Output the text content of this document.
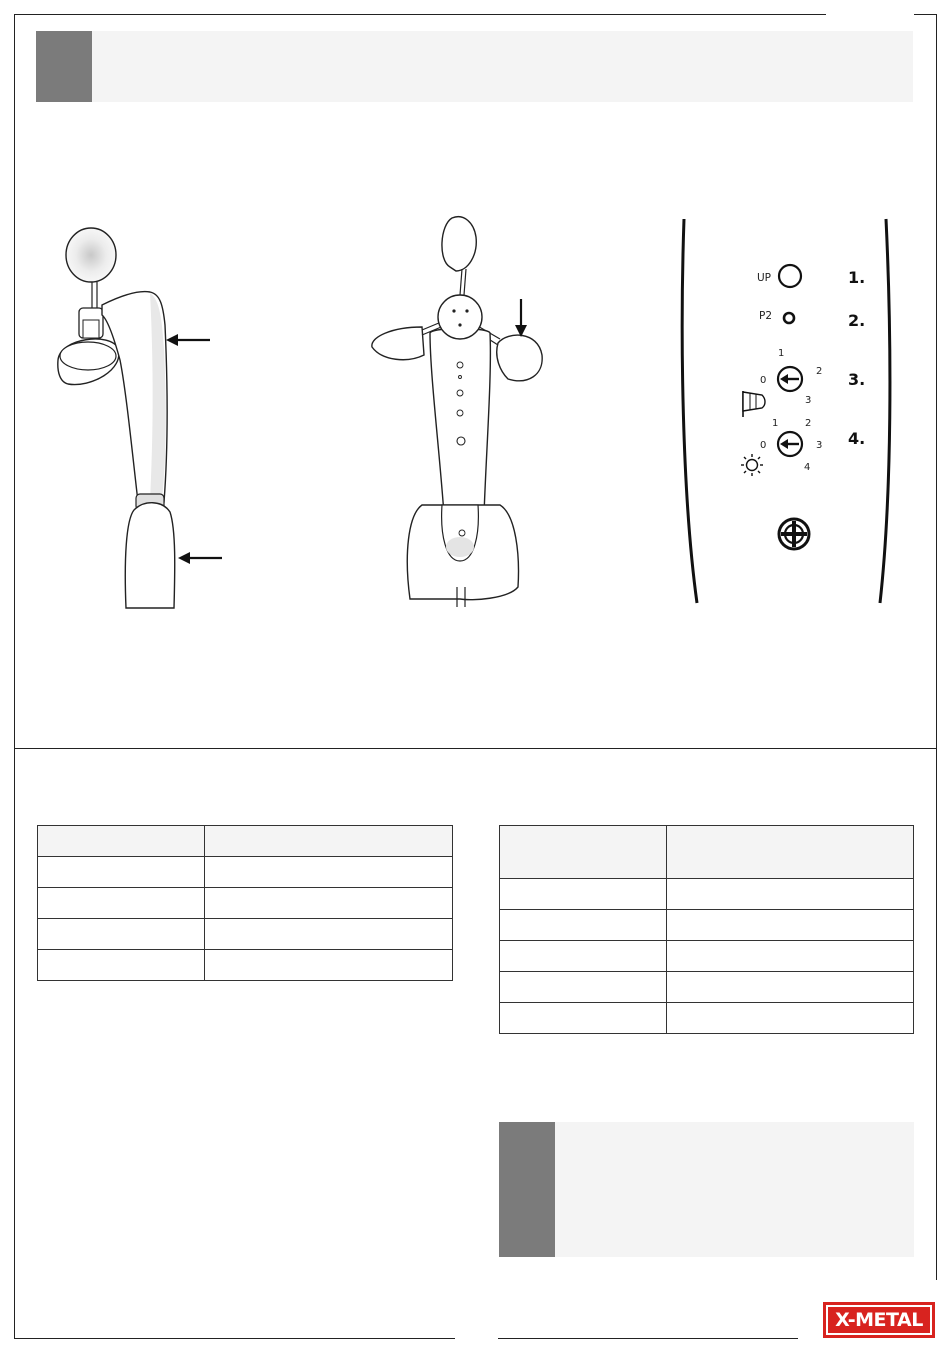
UP	1.
P2	2.
1
0
2
3
3.
1	2
0	3
4
4.

X-METAL
